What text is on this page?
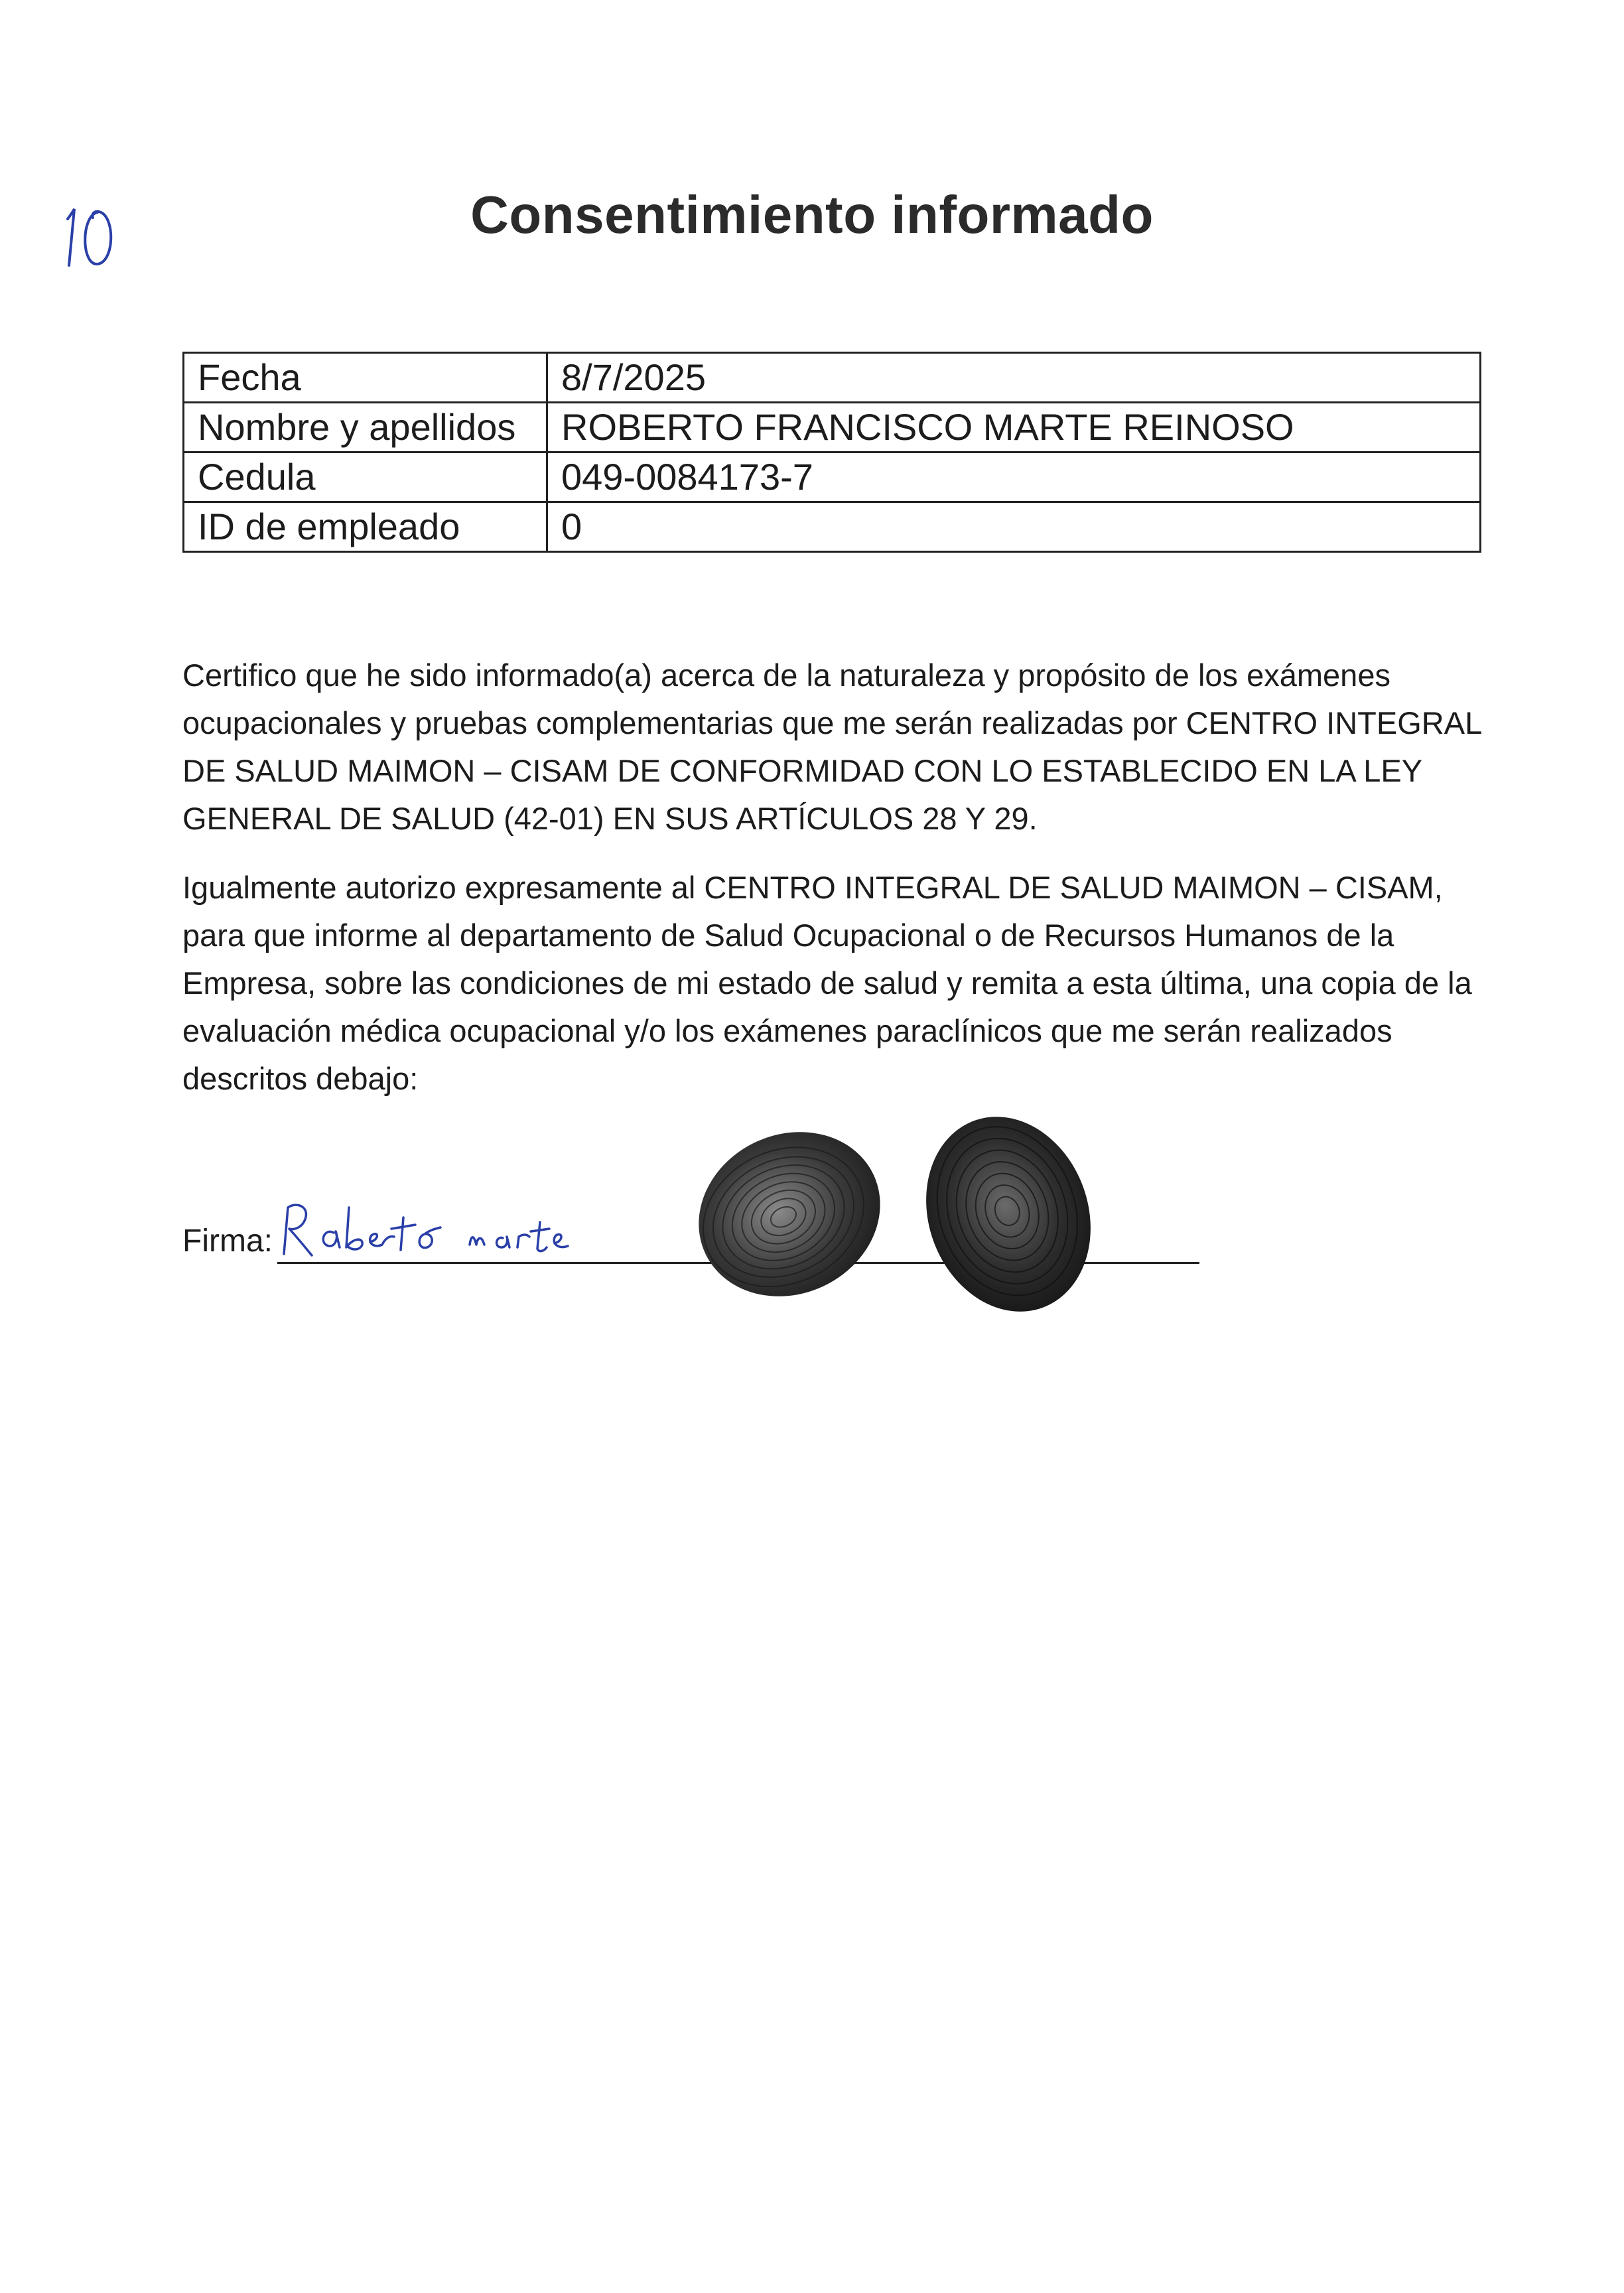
Consentimiento informado
Fecha	8/7/2025
Nombre y apellidos	ROBERTO FRANCISCO MARTE REINOSO
Cedula	049-0084173-7
ID de empleado	0

Certifico que he sido informado(a) acerca de la naturaleza y propósito de los exámenes ocupacionales y pruebas complementarias que me serán realizadas por CENTRO INTEGRAL DE SALUD MAIMON – CISAM DE CONFORMIDAD CON LO ESTABLECIDO EN LA LEY GENERAL DE SALUD (42-01) EN SUS ARTÍCULOS 28 Y 29.

Igualmente autorizo expresamente al CENTRO INTEGRAL DE SALUD MAIMON – CISAM, para que informe al departamento de Salud Ocupacional o de Recursos Humanos de la Empresa, sobre las condiciones de mi estado de salud y remita a esta última, una copia de la evaluación médica ocupacional y/o los exámenes paraclínicos que me serán realizados descritos debajo:

Firma:
